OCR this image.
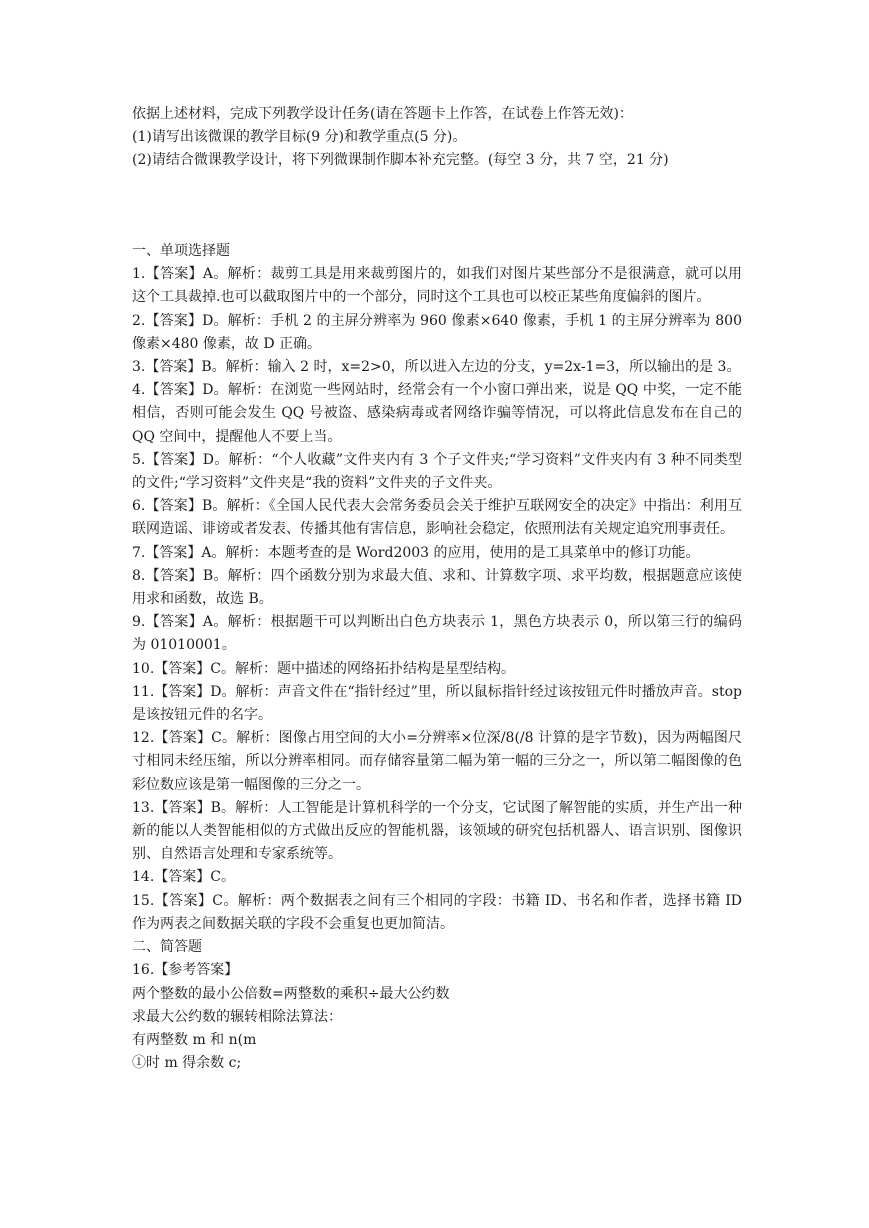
依据上述材料，完成下列教学设计任务(请在答题卡上作答，在试卷上作答无效)：
(1)请写出该微课的教学目标(9 分)和教学重点(5 分)。
(2)请结合微课教学设计，将下列微课制作脚本补充完整。(每空 3 分，共 7 空，21 分)
一、单项选择题

1.【答案】A。解析：裁剪工具是用来裁剪图片的，如我们对图片某些部分不是很满意，就可以用这个工具裁掉.也可以截取图片中的一个部分，同时这个工具也可以校正某些角度偏斜的图片。

2.【答案】D。解析：手机 2 的主屏分辨率为 960 像素×640 像素，手机 1 的主屏分辨率为 800 像素×480 像素，故 D 正确。

3.【答案】B。解析：输入 2 时，x=2>0，所以进入左边的分支，y=2x-1=3，所以输出的是 3。

4.【答案】D。解析：在浏览一些网站时，经常会有一个小窗口弹出来，说是 QQ 中奖，一定不能相信，否则可能会发生 QQ 号被盗、感染病毒或者网络诈骗等情况，可以将此信息发布在自己的 QQ 空间中，提醒他人不要上当。

5.【答案】D。解析：“个人收藏”文件夹内有 3 个子文件夹;“学习资料”文件夹内有 3 种不同类型的文件;“学习资料”文件夹是“我的资料”文件夹的子文件夹。

6.【答案】B。解析：《全国人民代表大会常务委员会关于维护互联网安全的决定》中指出：利用互联网造谣、诽谤或者发表、传播其他有害信息，影响社会稳定，依照刑法有关规定追究刑事责任。

7.【答案】A。解析：本题考查的是 Word2003 的应用，使用的是工具菜单中的修订功能。

8.【答案】B。解析：四个函数分别为求最大值、求和、计算数字项、求平均数，根据题意应该使用求和函数，故选 B。

9.【答案】A。解析：根据题干可以判断出白色方块表示 1，黑色方块表示 0，所以第三行的编码为 01010001。

10.【答案】C。解析：题中描述的网络拓扑结构是星型结构。

11.【答案】D。解析：声音文件在“指针经过”里，所以鼠标指针经过该按钮元件时播放声音。stop 是该按钮元件的名字。

12.【答案】C。解析：图像占用空间的大小=分辨率×位深/8(/8 计算的是字节数)，因为两幅图尺寸相同未经压缩，所以分辨率相同。而存储容量第二幅为第一幅的三分之一，所以第二幅图像的色彩位数应该是第一幅图像的三分之一。

13.【答案】B。解析：人工智能是计算机科学的一个分支，它试图了解智能的实质，并生产出一种新的能以人类智能相似的方式做出反应的智能机器，该领域的研究包括机器人、语言识别、图像识别、自然语言处理和专家系统等。

14.【答案】C。

15.【答案】C。解析：两个数据表之间有三个相同的字段：书籍 ID、书名和作者，选择书籍 ID 作为两表之间数据关联的字段不会重复也更加简洁。

二、简答题
16.【参考答案】
两个整数的最小公倍数=两整数的乘积÷最大公约数
求最大公约数的辗转相除法算法：
有两整数 m 和 n(m
①时 m 得余数 c;
